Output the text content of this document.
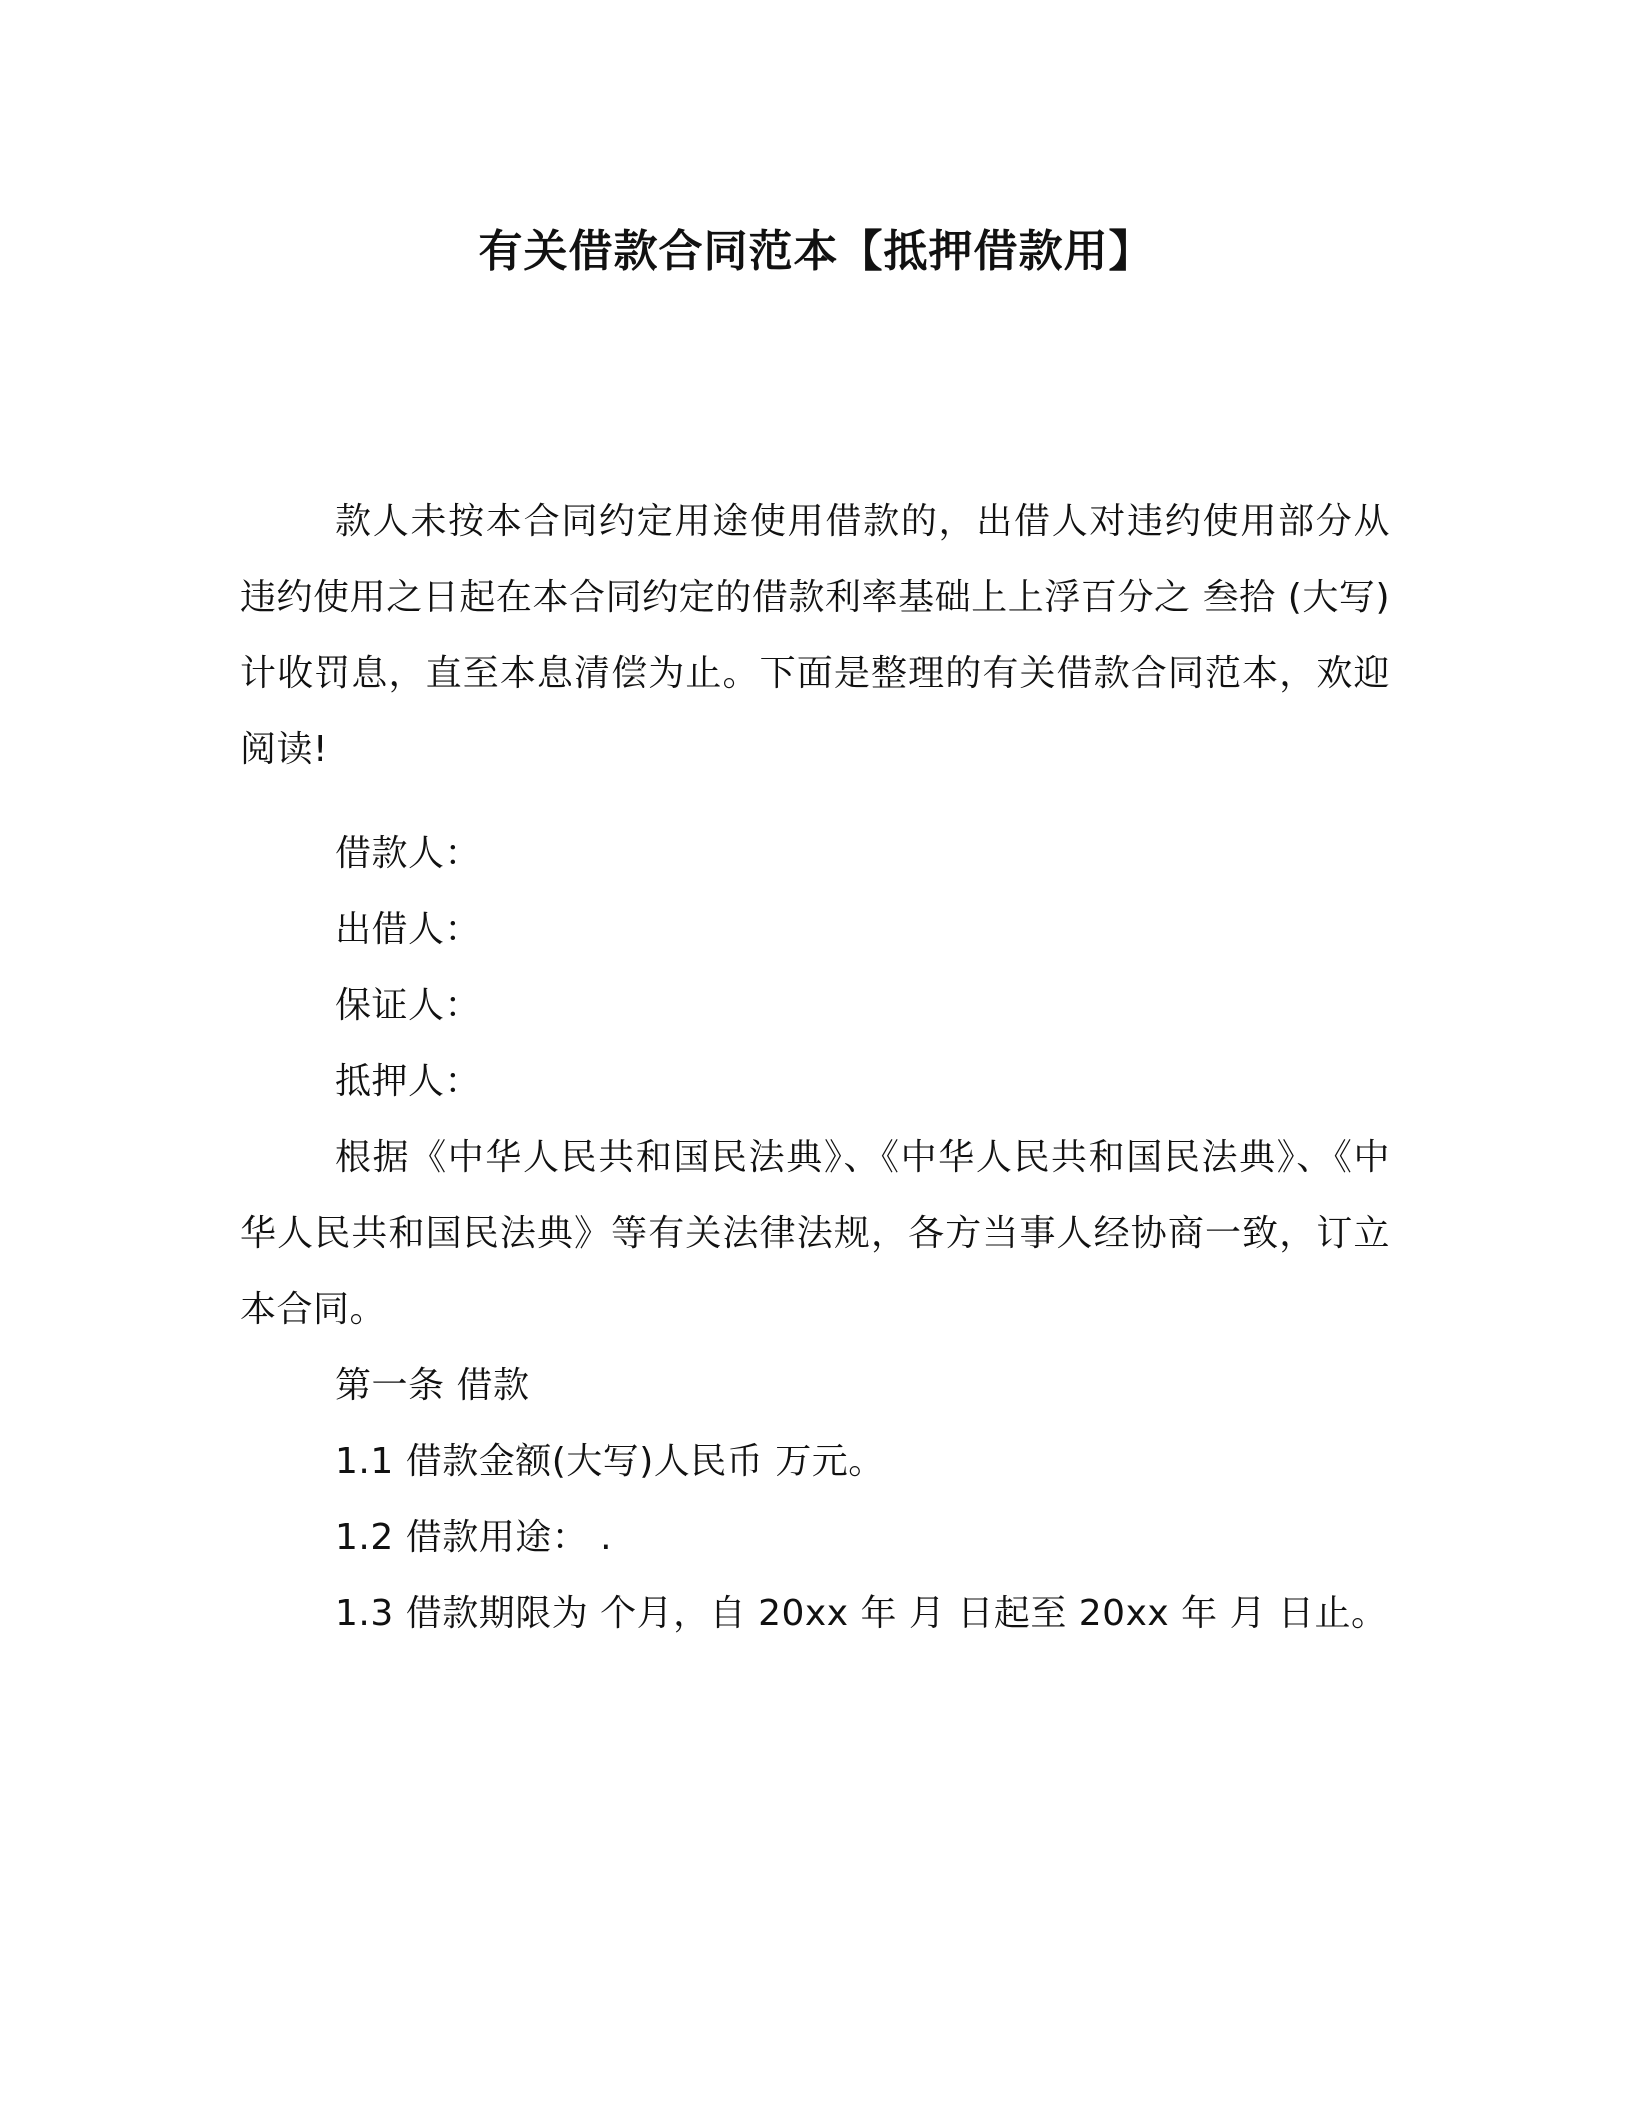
有关借款合同范本【抵押借款用】

款人未按本合同约定用途使用借款的，出借人对违约使用部分从违约使用之日起在本合同约定的借款利率基础上上浮百分之 叁拾 (大写) 计收罚息，直至本息清偿为止。下面是整理的有关借款合同范本，欢迎阅读!

借款人：

出借人：

保证人：

抵押人：

根据《中华人民共和国民法典》、《中华人民共和国民法典》、《中华人民共和国民法典》等有关法律法规，各方当事人经协商一致，订立本合同。

第一条 借款

1.1 借款金额(大写)人民币 万元。

1.2 借款用途： .

1.3 借款期限为 个月，自 20xx 年 月 日起至 20xx 年 月 日止。
